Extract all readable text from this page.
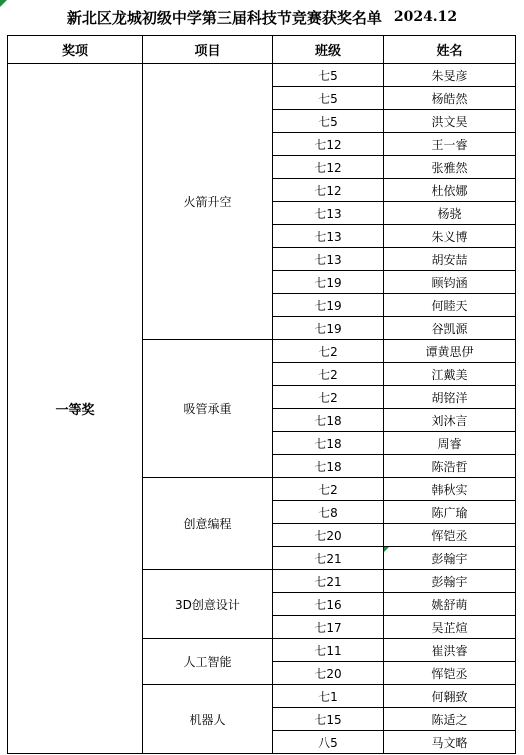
新北区龙城初级中学第三届科技节竞赛获奖名单 2024.12
奖项	项目	班级	姓名
一等奖	火箭升空	七5	朱旻彦
		七5	杨皓然
		七5	洪文昊
		七12	王一睿
		七12	张雅然
		七12	杜依娜
		七13	杨骁
		七13	朱义博
		七13	胡安喆
		七19	顾钧涵
		七19	何睦天
		七19	谷凯源
	吸管承重	七2	谭黄思伊
		七2	江戴美
		七2	胡铭洋
		七18	刘沐言
		七18	周睿
		七18	陈浩哲
	创意编程	七2	韩秋实
		七8	陈广瑜
		七20	恽铠丞
		七21	彭翰宇
	3D创意设计	七21	彭翰宇
		七16	姚舒萌
		七17	吴芷煊
	人工智能	七11	崔洪睿
		七20	恽铠丞
	机器人	七1	何翱致
		七15	陈适之
		八5	马文略
